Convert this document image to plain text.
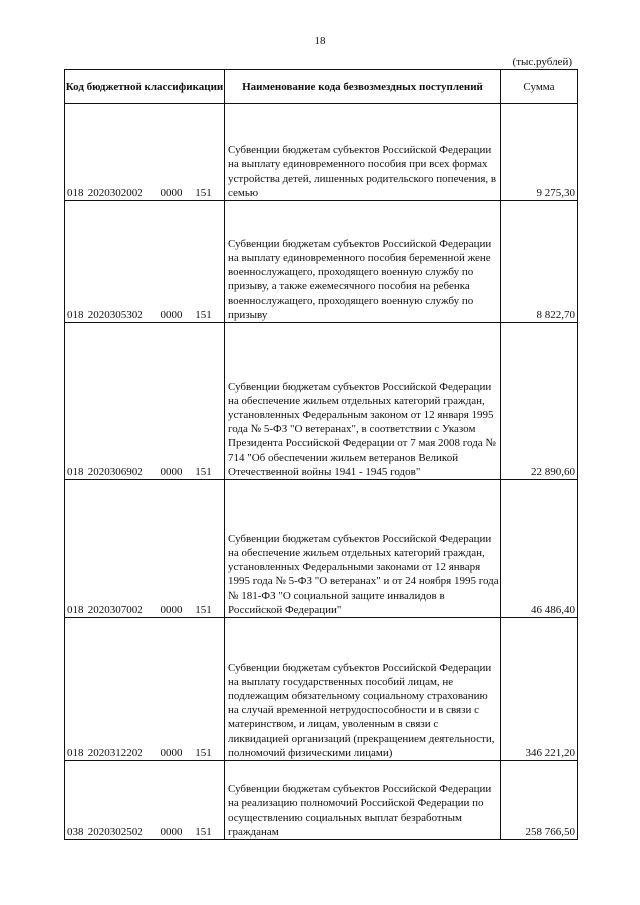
18
(тыс.рублей)
Код бюджетной классификации	Наименование кода безвозмездных поступлений	Сумма
018 2020302002 0000 151	Субвенции бюджетам субъектов Российской Федерации на выплату единовременного пособия при всех формах устройства детей, лишенных родительского попечения, в семью	9 275,30
018 2020305302 0000 151	Субвенции бюджетам субъектов Российской Федерации на выплату единовременного пособия беременной жене военнослужащего, проходящего военную службу по призыву, а также ежемесячного пособия на ребенка военнослужащего, проходящего военную службу по призыву	8 822,70
018 2020306902 0000 151	Субвенции бюджетам субъектов Российской Федерации на обеспечение жильем отдельных категорий граждан, установленных Федеральным законом от 12 января 1995 года № 5-ФЗ "О ветеранах", в соответствии с Указом Президента Российской Федерации от 7 мая 2008 года № 714 "Об обеспечении жильем ветеранов Великой Отечественной войны 1941 - 1945 годов"	22 890,60
018 2020307002 0000 151	Субвенции бюджетам субъектов Российской Федерации на обеспечение жильем отдельных категорий граждан, установленных Федеральными законами от 12 января 1995 года № 5-ФЗ "О ветеранах" и от 24 ноября 1995 года № 181-ФЗ "О социальной защите инвалидов в Российской Федерации"	46 486,40
018 2020312202 0000 151	Субвенции бюджетам субъектов Российской Федерации на выплату государственных пособий лицам, не подлежащим обязательному социальному страхованию на случай временной нетрудоспособности и в связи с материнством, и лицам, уволенным в связи с ликвидацией организаций (прекращением деятельности, полномочий физическими лицами)	346 221,20
038 2020302502 0000 151	Субвенции бюджетам субъектов Российской Федерации на реализацию полномочий Российской Федерации по осуществлению социальных выплат безработным гражданам	258 766,50
